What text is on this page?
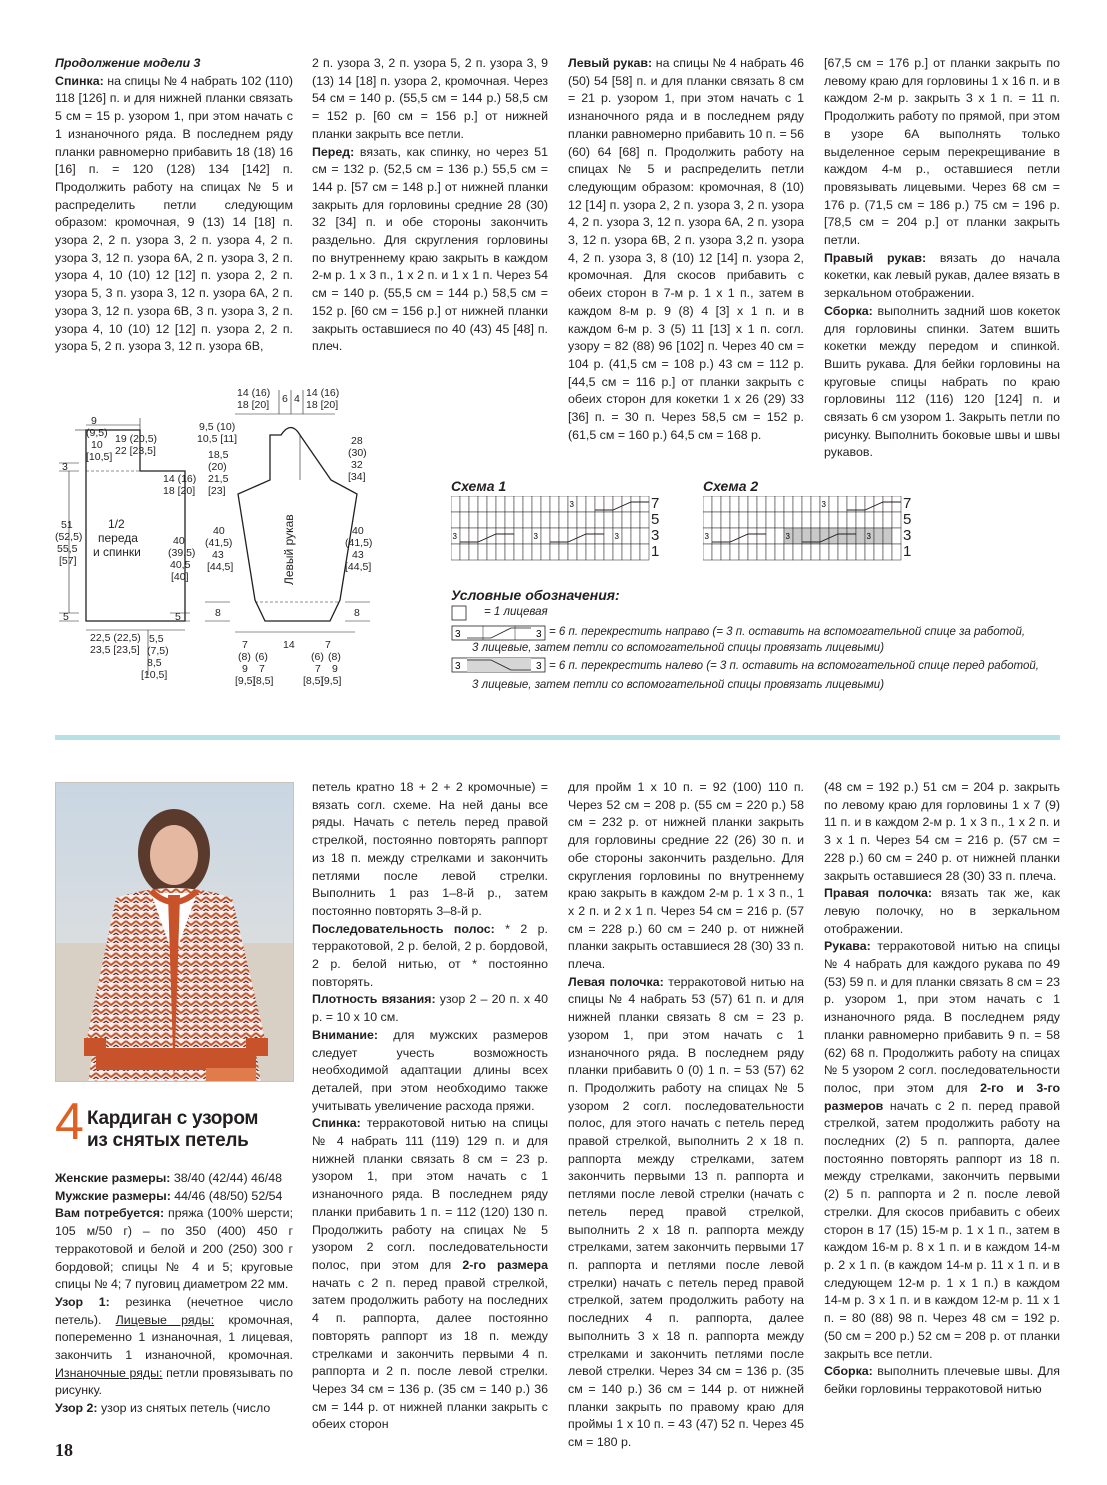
Продолжение модели 3

Спинка: на спицы № 4 набрать 102 (110) 118 [126] п. и для нижней планки связать 5 см = 15 р. узором 1, при этом начать с 1 изнаночного ряда. В последнем ряду планки равномерно прибавить 18 (18) 16 [16] п. = 120 (128) 134 [142] п. Продолжить работу на спицах № 5 и распределить петли следующим образом: кромочная, 9 (13) 14 [18] п. узора 2, 2 п. узора 3, 2 п. узора 4, 2 п. узора 3, 12 п. узора 6A, 2 п. узора 3, 2 п. узора 4, 10 (10) 12 [12] п. узора 2, 2 п. узора 5, 3 п. узора 3, 12 п. узора 6A, 2 п. узора 3, 12 п. узора 6B, 3 п. узора 3, 2 п. узора 4, 10 (10) 12 [12] п. узора 2, 2 п. узора 5, 2 п. узора 3, 12 п. узора 6B,

2 п. узора 3, 2 п. узора 5, 2 п. узора 3, 9 (13) 14 [18] п. узора 2, кромочная. Через 54 см = 140 р. (55,5 см = 144 р.) 58,5 см = 152 р. [60 см = 156 р.] от нижней планки закрыть все петли.

Перед: вязать, как спинку, но через 51 см = 132 р. (52,5 см = 136 р.) 55,5 см = 144 р. [57 см = 148 р.] от нижней планки закрыть для горловины средние 28 (30) 32 [34] п. и обе стороны закончить раздельно. Для скругления горловины по внутреннему краю закрыть в каждом 2-м р. 1 х 3 п., 1 х 2 п. и 1 х 1 п. Через 54 см = 140 р. (55,5 см = 144 р.) 58,5 см = 152 р. [60 см = 156 р.] от нижней планки закрыть оставшиеся по 40 (43) 45 [48] п. плеч.

Левый рукав: на спицы № 4 набрать 46 (50) 54 [58] п. и для планки связать 8 см = 21 р. узором 1, при этом начать с 1 изнаночного ряда и в последнем ряду планки равномерно прибавить 10 п. = 56 (60) 64 [68] п. Продолжить работу на спицах № 5 и распределить петли следующим образом: кромочная, 8 (10) 12 [14] п. узора 2, 2 п. узора 3, 2 п. узора 4, 2 п. узора 3, 12 п. узора 6A, 2 п. узора 3, 12 п. узора 6B, 2 п. узора 3,2 п. узора 4, 2 п. узора 3, 8 (10) 12 [14] п. узора 2, кромочная. Для скосов прибавить с обеих сторон в 7-м р. 1 х 1 п., затем в каждом 8-м р. 9 (8) 4 [3] х 1 п. и в каждом 6-м р. 3 (5) 11 [13] х 1 п. согл. узору = 82 (88) 96 [102] п. Через 40 см = 104 р. (41,5 см = 108 р.) 43 см = 112 р. [44,5 см = 116 р.] от планки закрыть с обеих сторон для кокетки 1 х 26 (29) 33 [36] п. = 30 п. Через 58,5 см = 152 р. (61,5 см = 160 р.) 64,5 см = 168 р.

[67,5 см = 176 р.] от планки закрыть по левому краю для горловины 1 х 16 п. и в каждом 2-м р. закрыть 3 х 1 п. = 11 п. Продолжить работу по прямой, при этом в узоре 6A выполнять только выделенное серым перекрещивание в каждом 4-м р., оставшиеся петли провязывать лицевыми. Через 68 см = 176 р. (71,5 см = 186 р.) 75 см = 196 р. [78,5 см = 204 р.] от планки закрыть петли.

Правый рукав: вязать до начала кокетки, как левый рукав, далее вязать в зеркальном отображении.

Сборка: выполнить задний шов кокеток для горловины спинки. Затем вшить кокетки между передом и спинкой. Вшить рукава. Для бейки горловины на круговые спицы набрать по краю горловины 112 (116) 120 [124] п. и связать 6 см узором 1. Закрыть петли по рисунку. Выполнить боковые швы и швы рукавов.

9
(9,5)
10
[10,5]
19 (20,5)
22 [23,5]
3
51
(52,5)
55,5
[57]
14 (16)
18 [20]
40
(39,5)
40,5
[40]
5	5
22,5 (22,5)
23,5 [23,5]
5,5
(7,5)
8,5
[10,5]
1/2
переда
и спинки
14 (16)
18 [20] 6 4 14 (16)
18 [20]
9,5 (10)
10,5 [11]
18,5
(20)
21,5
[23]
40
(41,5)
43
[44,5]
8
28
(30)
32
[34]
40
(41,5)
43
[44,5]
8
Левый рукав
7
(8) (6)
9 7
14	7
(6) (8)
7 9
[9,5]
[8,5]	[8,5]
[9,5]
Схема 1	Схема 2
3	3
3
3	3	3
3
3
7
5
3
1
7
5
3
1
Условные обозначения:
3	3
3	3
= 1 лицевая
= 6 п. перекрестить направо (= 3 п. оставить на вспомогательной спице за работой,
3 лицевые, затем петли со вспомогательной спицы провязать лицевыми)
= 6 п. перекрестить налево (= 3 п. оставить на вспомогательной спице перед работой,
3 лицевые, затем петли со вспомогательной спицы провязать лицевыми)
4 Кардиган с узором
из снятых петель

Женские размеры: 38/40 (42/44) 46/48

Мужские размеры: 44/46 (48/50) 52/54

Вам потребуется: пряжа (100% шерсти; 105 м/50 г) – по 350 (400) 450 г терракотовой и белой и 200 (250) 300 г бордовой; спицы № 4 и 5; круговые спицы № 4; 7 пуговиц диаметром 22 мм.

Узор 1: резинка (нечетное число петель). Лицевые ряды: кромочная, попеременно 1 изнаночная, 1 лицевая, закончить 1 изнаночной, кромочная. Изнаночные ряды: петли провязывать по рисунку.

Узор 2: узор из снятых петель (число

петель кратно 18 + 2 + 2 кромочные) = вязать согл. схеме. На ней даны все ряды. Начать с петель перед правой стрелкой, постоянно повторять раппорт из 18 п. между стрелками и закончить петлями после левой стрелки. Выполнить 1 раз 1–8-й р., затем постоянно повторять 3–8-й р.

Последовательность полос: * 2 р. терракотовой, 2 р. белой, 2 р. бордовой, 2 р. белой нитью, от * постоянно повторять.

Плотность вязания: узор 2 – 20 п. х 40 р. = 10 х 10 см.

Внимание: для мужских размеров следует учесть возможность необходимой адаптации длины всех деталей, при этом необходимо также учитывать увеличение расхода пряжи.

Спинка: терракотовой нитью на спицы № 4 набрать 111 (119) 129 п. и для нижней планки связать 8 см = 23 р. узором 1, при этом начать с 1 изнаночного ряда. В последнем ряду планки прибавить 1 п. = 112 (120) 130 п. Продолжить работу на спицах № 5 узором 2 согл. последовательности полос, при этом для 2-го размера начать с 2 п. перед правой стрелкой, затем продолжить работу на последних 4 п. раппорта, далее постоянно повторять раппорт из 18 п. между стрелками и закончить первыми 4 п. раппорта и 2 п. после левой стрелки. Через 34 см = 136 р. (35 см = 140 р.) 36 см = 144 р. от нижней планки закрыть с обеих сторон

для пройм 1 х 10 п. = 92 (100) 110 п. Через 52 см = 208 р. (55 см = 220 р.) 58 см = 232 р. от нижней планки закрыть для горловины средние 22 (26) 30 п. и обе стороны закончить раздельно. Для скругления горловины по внутреннему краю закрыть в каждом 2-м р. 1 х 3 п., 1 х 2 п. и 2 х 1 п. Через 54 см = 216 р. (57 см = 228 р.) 60 см = 240 р. от нижней планки закрыть оставшиеся 28 (30) 33 п. плеча.

Левая полочка: терракотовой нитью на спицы № 4 набрать 53 (57) 61 п. и для нижней планки связать 8 см = 23 р. узором 1, при этом начать с 1 изнаночного ряда. В последнем ряду планки прибавить 0 (0) 1 п. = 53 (57) 62 п. Продолжить работу на спицах № 5 узором 2 согл. последовательности полос, для этого начать с петель перед правой стрелкой, выполнить 2 х 18 п. раппорта между стрелками, затем закончить первыми 13 п. раппорта и петлями после левой стрелки (начать с петель перед правой стрелкой, выполнить 2 х 18 п. раппорта между стрелками, затем закончить первыми 17 п. раппорта и петлями после левой стрелки) начать с петель перед правой стрелкой, затем продолжить работу на последних 4 п. раппорта, далее выполнить 3 х 18 п. раппорта между стрелками и закончить петлями после левой стрелки. Через 34 см = 136 р. (35 см = 140 р.) 36 см = 144 р. от нижней планки закрыть по правому краю для проймы 1 х 10 п. = 43 (47) 52 п. Через 45 см = 180 р.

(48 см = 192 р.) 51 см = 204 р. закрыть по левому краю для горловины 1 х 7 (9) 11 п. и в каждом 2-м р. 1 х 3 п., 1 х 2 п. и 3 х 1 п. Через 54 см = 216 р. (57 см = 228 р.) 60 см = 240 р. от нижней планки закрыть оставшиеся 28 (30) 33 п. плеча.

Правая полочка: вязать так же, как левую полочку, но в зеркальном отображении.

Рукава: терракотовой нитью на спицы № 4 набрать для каждого рукава по 49 (53) 59 п. и для планки связать 8 см = 23 р. узором 1, при этом начать с 1 изнаночного ряда. В последнем ряду планки равномерно прибавить 9 п. = 58 (62) 68 п. Продолжить работу на спицах № 5 узором 2 согл. последовательности полос, при этом для 2-го и 3-го размеров начать с 2 п. перед правой стрелкой, затем продолжить работу на последних (2) 5 п. раппорта, далее постоянно повторять раппорт из 18 п. между стрелками, закончить первыми (2) 5 п. раппорта и 2 п. после левой стрелки. Для скосов прибавить с обеих сторон в 17 (15) 15-м р. 1 х 1 п., затем в каждом 16-м р. 8 х 1 п. и в каждом 14-м р. 2 х 1 п. (в каждом 14-м р. 11 х 1 п. и в следующем 12-м р. 1 х 1 п.) в каждом 14-м р. 3 х 1 п. и в каждом 12-м р. 11 х 1 п. = 80 (88) 98 п. Через 48 см = 192 р. (50 см = 200 р.) 52 см = 208 р. от планки закрыть все петли.

Сборка: выполнить плечевые швы. Для бейки горловины терракотовой нитью

18
